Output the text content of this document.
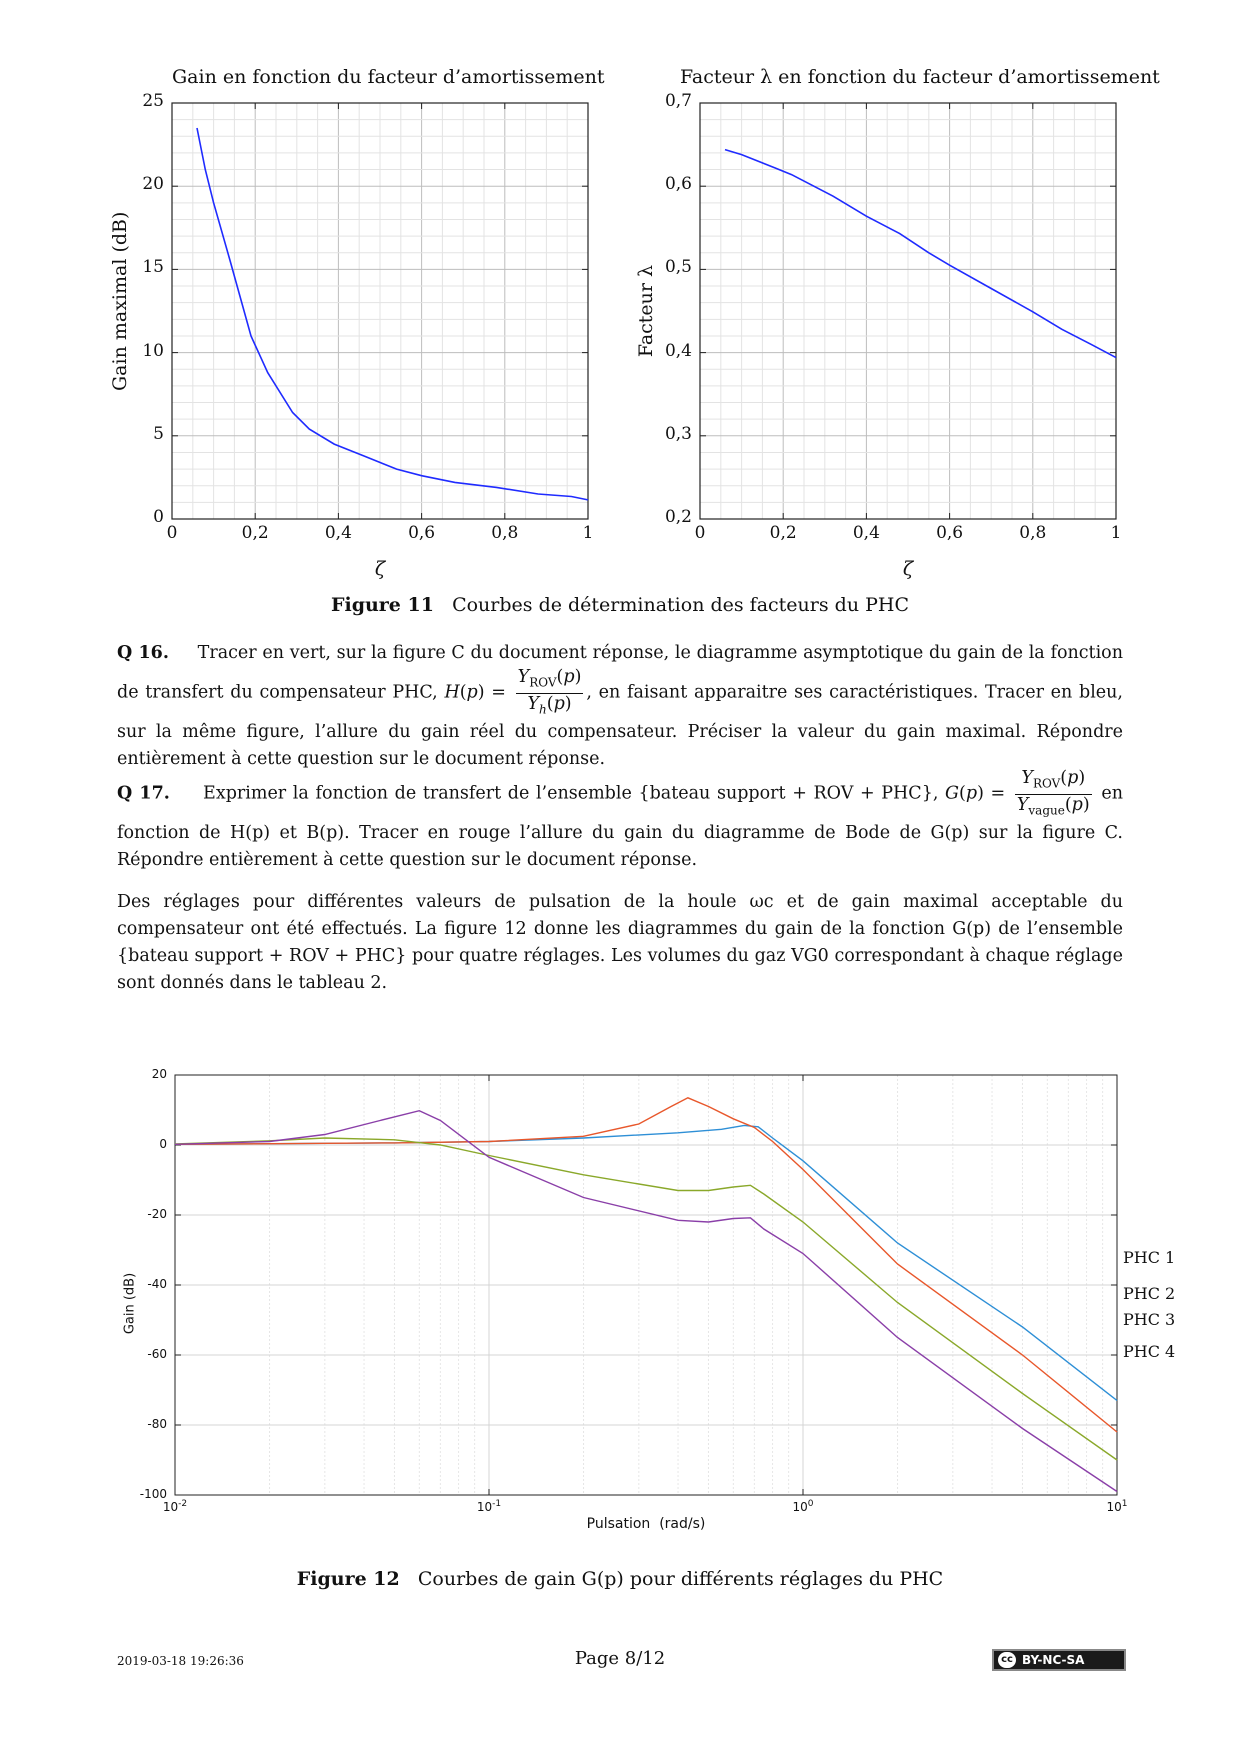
Gain en fonction du facteur d’amortissement	Facteur λ en fonction du facteur d’amortissement
Gain maximal (dB)	Facteur λ
ζ	ζ
Figure 11 Courbes de détermination des facteurs du PHC
Q 16. Tracer en vert, sur la figure C du document réponse, le diagramme asymptotique du gain de la fonction de transfert du compensateur PHC, $H(p) = \frac{Y_{ROV}(p)}{Y_h(p)}$ , en faisant apparaitre ses caractéristiques. Tracer en bleu, sur la même figure, l’allure du gain réel du compensateur. Préciser la valeur du gain maximal. Répondre entièrement à cette question sur le document réponse.
Q 17. Exprimer la fonction de transfert de l’ensemble {bateau support + ROV + PHC}, $G(p) = \frac{Y_{ROV}(p)}{Y_{vague}(p)}$ en fonction de H(p) et B(p). Tracer en rouge l’allure du gain du diagramme de Bode de G(p) sur la figure C. Répondre entièrement à cette question sur le document réponse.
Des réglages pour différentes valeurs de pulsation de la houle ωc et de gain maximal acceptable du compensateur ont été effectués. La figure 12 donne les diagrammes du gain de la fonction G(p) de l’ensemble {bateau support + ROV + PHC} pour quatre réglages. Les volumes du gaz VG0 correspondant à chaque réglage sont donnés dans le tableau 2.
Gain (dB)
Pulsation  (rad/s)
Figure 12 Courbes de gain G(p) pour différents réglages du PHC
2019-03-18 19:26:36	Page 8/12	cc BY-NC-SA
0	0,2	0,4	0,6	0,8	1
0
5
10
15
20
25
0	0,2	0,4	0,6	0,8	1
0,2
0,3
0,4
0,5
0,6
0,7
20
0
-20
-40
-60
-80
-100
$10^{-2}$	$10^{-1}$	$10^0$	$10^1$
PHC 1
PHC 2
PHC 3
PHC 4
